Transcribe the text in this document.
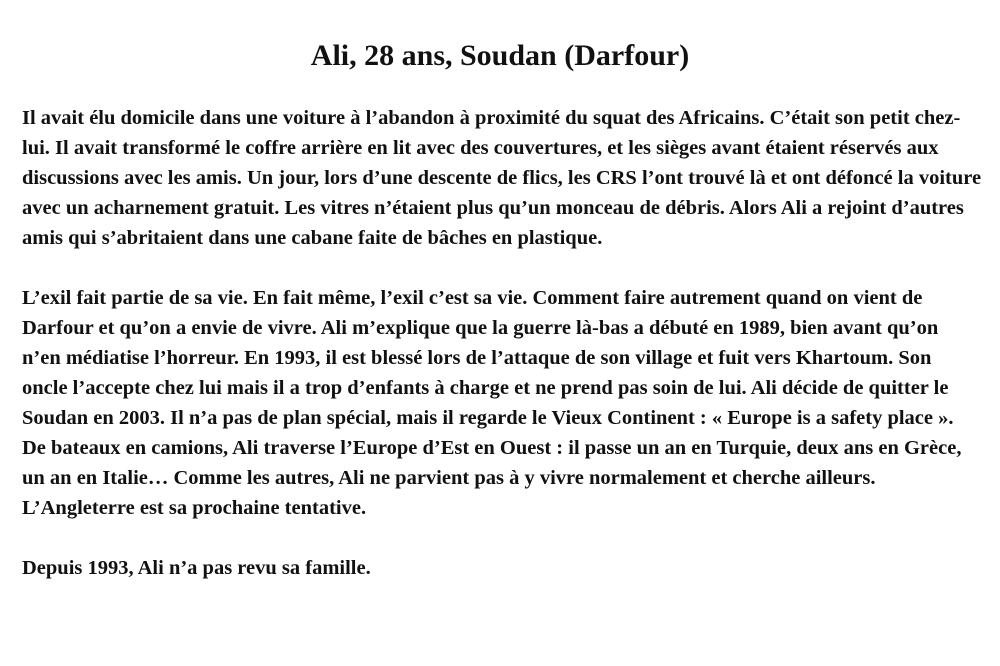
Ali, 28 ans, Soudan (Darfour)

Il avait élu domicile dans une voiture à l’abandon à proximité du squat des Africains. C’était son petit chez-lui. Il avait transformé le coffre arrière en lit avec des couvertures, et les sièges avant étaient réservés aux discussions avec les amis. Un jour, lors d’une descente de flics, les CRS l’ont trouvé là et ont défoncé la voiture avec un acharnement gratuit. Les vitres n’étaient plus qu’un monceau de débris. Alors Ali a rejoint d’autres amis qui s’abritaient dans une cabane faite de bâches en plastique.

L’exil fait partie de sa vie. En fait même, l’exil c’est sa vie. Comment faire autrement quand on vient de Darfour et qu’on a envie de vivre. Ali m’explique que la guerre là-bas a débuté en 1989, bien avant qu’on n’en médiatise l’horreur. En 1993, il est blessé lors de l’attaque de son village et fuit vers Khartoum. Son oncle l’accepte chez lui mais il a trop d’enfants à charge et ne prend pas soin de lui. Ali décide de quitter le Soudan en 2003. Il n’a pas de plan spécial, mais il regarde le Vieux Continent : « Europe is a safety place ».

De bateaux en camions, Ali traverse l’Europe d’Est en Ouest : il passe un an en Turquie, deux ans en Grèce, un an en Italie… Comme les autres, Ali ne parvient pas à y vivre normalement et cherche ailleurs. L’Angleterre est sa prochaine tentative.

Depuis 1993, Ali n’a pas revu sa famille.
